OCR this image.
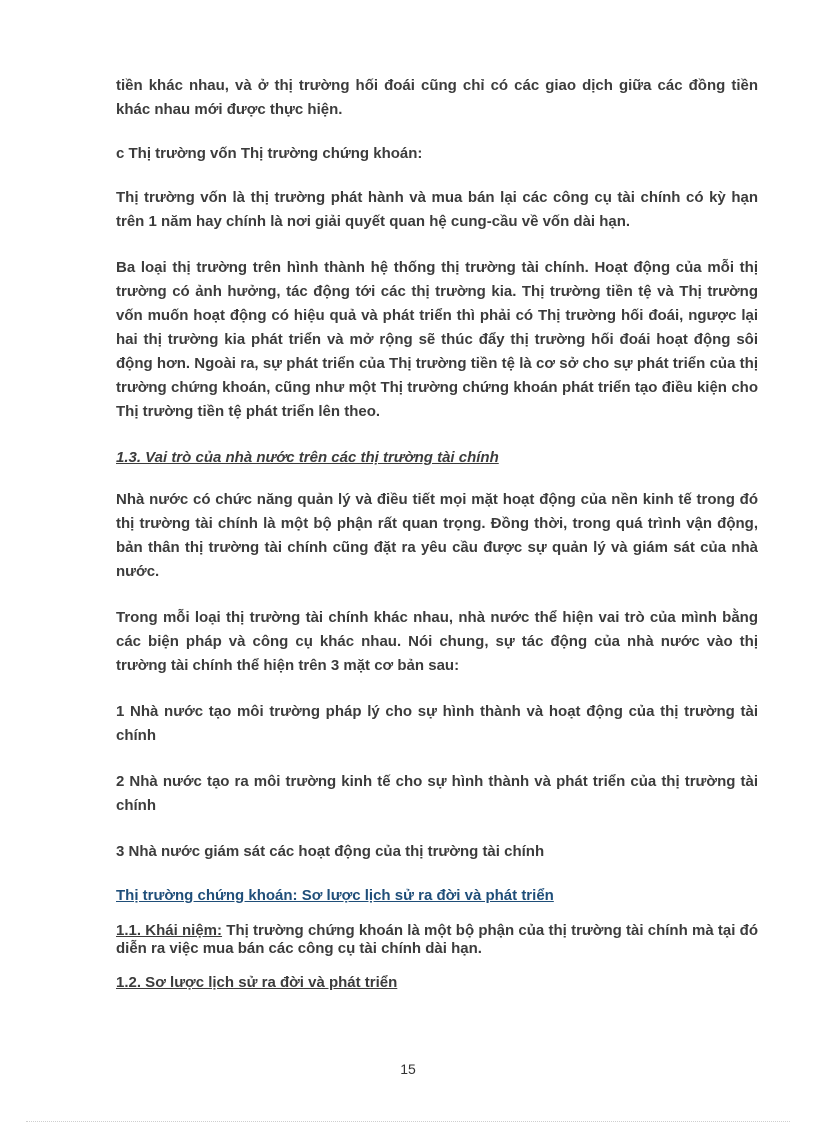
tiền khác nhau, và ở thị trường hối đoái cũng chỉ có các giao dịch giữa các đồng tiền khác nhau mới được thực hiện.

c Thị trường vốn Thị trường chứng khoán:

Thị trường vốn là thị trường phát hành và mua bán lại các công cụ tài chính có kỳ hạn trên 1 năm hay chính là nơi giải quyết quan hệ cung-cầu về vốn dài hạn.

Ba loại thị trường trên hình thành hệ thống thị trường tài chính. Hoạt động của mỗi thị trường có ảnh hưởng, tác động tới các thị trường kia. Thị trường tiền tệ và Thị trường vốn muốn hoạt động có hiệu quả và phát triển thì phải có Thị trường hối đoái, ngược lại hai thị trường kia phát triển và mở rộng sẽ thúc đẩy thị trường hối đoái hoạt động sôi động hơn. Ngoài ra, sự phát triển của Thị trường tiền tệ là cơ sở cho sự phát triển của thị trường chứng khoán, cũng như một Thị trường chứng khoán phát triển tạo điều kiện cho Thị trường tiền tệ phát triển lên theo.

1.3. Vai trò của nhà nước trên các thị trường tài chính

Nhà nước có chức năng quản lý và điều tiết mọi mặt hoạt động của nền kinh tế trong đó thị trường tài chính là một bộ phận rất quan trọng. Đồng thời, trong quá trình vận động, bản thân thị trường tài chính cũng đặt ra yêu cầu được sự quản lý và giám sát của nhà nước.

Trong mỗi loại thị trường tài chính khác nhau, nhà nước thể hiện vai trò của mình bằng các biện pháp và công cụ khác nhau. Nói chung, sự tác động của nhà nước vào thị trường tài chính thể hiện trên 3 mặt cơ bản sau:

1 Nhà nước tạo môi trường pháp lý cho sự hình thành và hoạt động của thị trường tài chính

2 Nhà nước tạo ra môi trường kinh tế cho sự hình thành và phát triển của thị trường tài chính

3 Nhà nước giám sát các hoạt động của thị trường tài chính

Thị trường chứng khoán: Sơ lược lịch sử ra đời và phát triển

1.1. Khái niệm: Thị trường chứng khoán là một bộ phận của thị trường tài chính mà tại đó diễn ra việc mua bán các công cụ tài chính dài hạn.

1.2. Sơ lược lịch sử ra đời và phát triển

15
